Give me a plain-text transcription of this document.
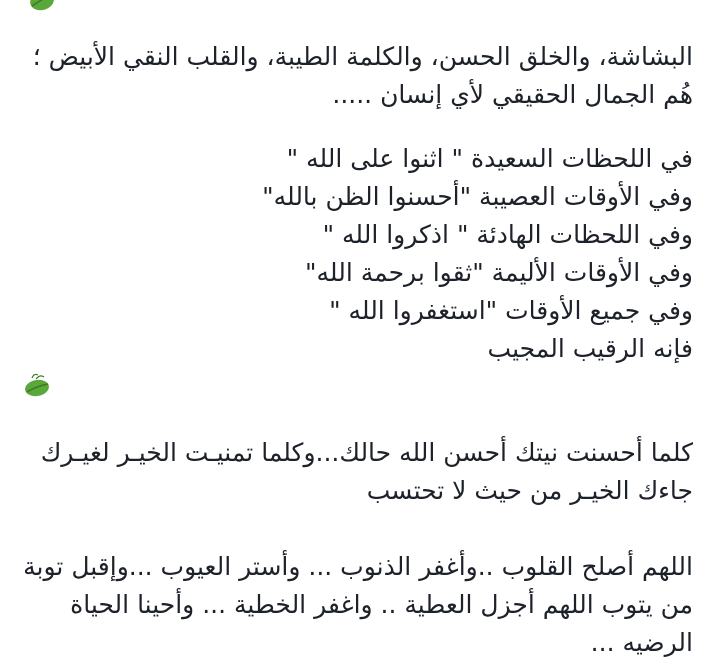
البشاشة، والخلق الحسن، والكلمة الطيبة، والقلب النقي الأبيض ؛
هُم الجمال الحقيقي لأي إنسان .....
في اللحظات السعيدة " اثنوا على الله "
وفي الأوقات العصيبة "أحسنوا الظن بالله"
وفي اللحظات الهادئة " اذكروا الله "
وفي الأوقات الأليمة "ثقوا برحمة الله"
وفي جميع الأوقات "استغفروا الله "
فإنه الرقيب المجيب
كلما أحسنت نيتك أحسن الله حالك...وكلما تمنيـت الخيـر لغيـرك
جاءك الخيـر من حيث لا تحتسب
اللهم أصلح القلوب ..وأغفر الذنوب ... وأستر العيوب ...وإقبل توبة
من يتوب اللهم أجزل العطية .. واغفر الخطية ... وأحينا الحياة
الرضيه ...
